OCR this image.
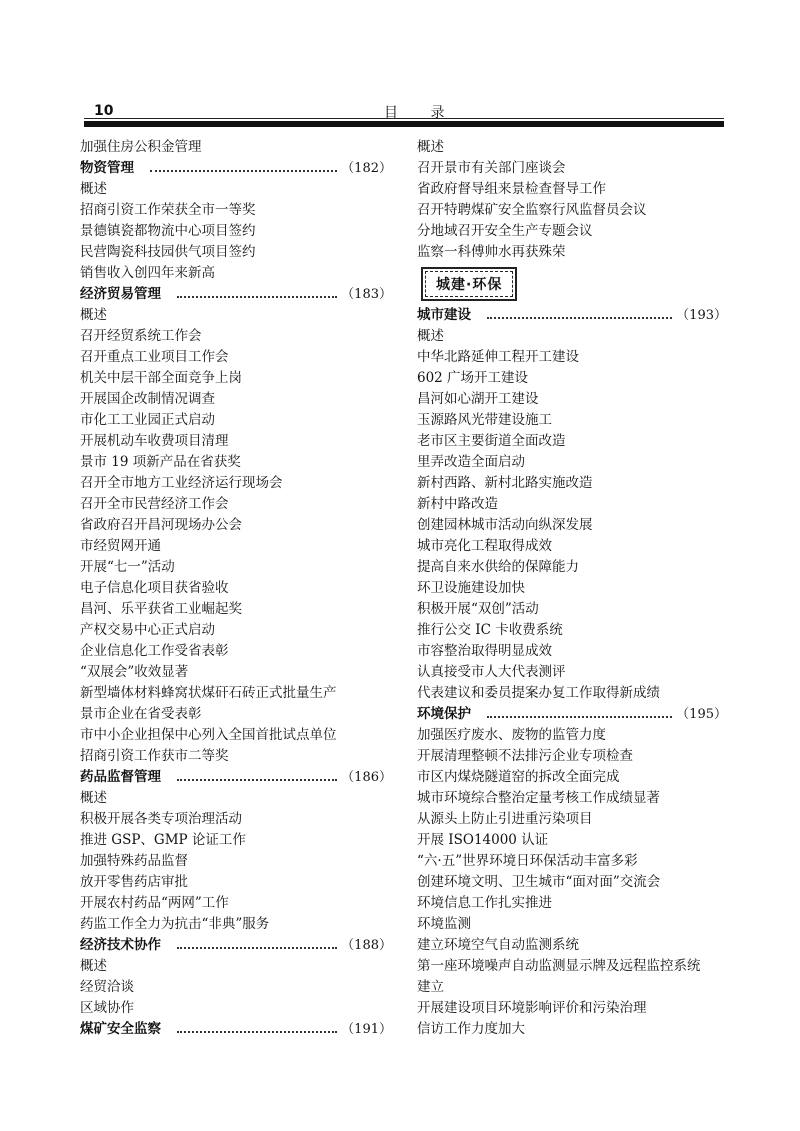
10	目 录
加强住房公积金管理
物资管理	（182）
概述
招商引资工作荣获全市一等奖
景德镇瓷都物流中心项目签约
民营陶瓷科技园供气项目签约
销售收入创四年来新高
经济贸易管理	（183）
概述
召开经贸系统工作会
召开重点工业项目工作会
机关中层干部全面竞争上岗
开展国企改制情况调查
市化工工业园正式启动
开展机动车收费项目清理
景市 19 项新产品在省获奖
召开全市地方工业经济运行现场会
召开全市民营经济工作会
省政府召开昌河现场办公会
市经贸网开通
开展“七一”活动
电子信息化项目获省验收
昌河、乐平获省工业崛起奖
产权交易中心正式启动
企业信息化工作受省表彰
“双展会”收效显著
新型墙体材料蜂窝状煤矸石砖正式批量生产
景市企业在省受表彰
市中小企业担保中心列入全国首批试点单位
招商引资工作获市二等奖
药品监督管理	（186）
概述
积极开展各类专项治理活动
推进 GSP、GMP 论证工作
加强特殊药品监督
放开零售药店审批
开展农村药品“两网”工作
药监工作全力为抗击“非典”服务
经济技术协作	（188）
概述
经贸洽谈
区域协作
煤矿安全监察	（191）
概述
召开景市有关部门座谈会
省政府督导组来景检查督导工作
召开特聘煤矿安全监察行风监督员会议
分地域召开安全生产专题会议
监察一科傅帅水再获殊荣
城建·环保
城市建设	（193）
概述
中华北路延伸工程开工建设
602 广场开工建设
昌河如心湖开工建设
玉源路风光带建设施工
老市区主要街道全面改造
里弄改造全面启动
新村西路、新村北路实施改造
新村中路改造
创建园林城市活动向纵深发展
城市亮化工程取得成效
提高自来水供给的保障能力
环卫设施建设加快
积极开展“双创”活动
推行公交 IC 卡收费系统
市容整治取得明显成效
认真接受市人大代表测评
代表建议和委员提案办复工作取得新成绩
环境保护	（195）
加强医疗废水、废物的监管力度
开展清理整顿不法排污企业专项检查
市区内煤烧隧道窑的拆改全面完成
城市环境综合整治定量考核工作成绩显著
从源头上防止引进重污染项目
开展 ISO14000 认证
“六·五”世界环境日环保活动丰富多彩
创建环境文明、卫生城市“面对面”交流会
环境信息工作扎实推进
环境监测
建立环境空气自动监测系统
第一座环境噪声自动监测显示牌及远程监控系统
建立
开展建设项目环境影响评价和污染治理
信访工作力度加大
